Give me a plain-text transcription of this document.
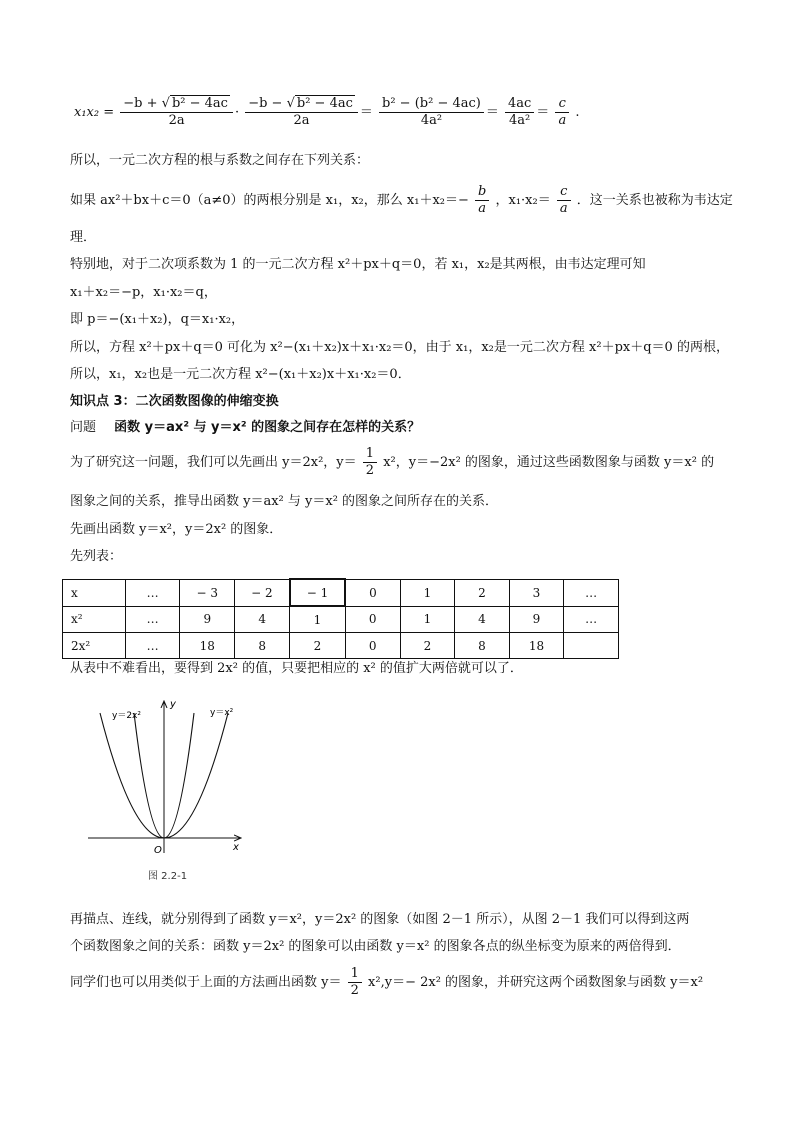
$x_1x_2 = \frac{\text{−b + √ b² − 4ac}}{2a} \cdot \frac{\text{−b − √ b² − 4ac}}{2a} = \frac{\text{b² − (b² − 4ac)}}{\text{4a²}} = \frac{4ac}{\text{4a²}} = \frac{c}{a}$ .
所以，一元二次方程的根与系数之间存在下列关系：
如果 ax²＋bx＋c＝0（a≠0）的两根分别是 x₁，x₂，那么 $x_1+x_2=- \frac{b}{a}$ ，$x_1\cdot x_2= \frac{c}{a}$ ．这一关系也被称为韦达定
理．
特别地，对于二次项系数为 1 的一元二次方程 x²＋px＋q＝0，若 x₁，x₂是其两根，由韦达定理可知
x₁＋x₂＝−p，x₁·x₂＝q，
即 p＝−(x₁＋x₂)，q＝x₁·x₂，
所以，方程 x²＋px＋q＝0 可化为 x²−(x₁＋x₂)x＋x₁·x₂＝0，由于 x₁，x₂是一元二次方程 x²＋px＋q＝0 的两根，
所以，x₁，x₂也是一元二次方程 x²−(x₁＋x₂)x＋x₁·x₂＝0．
知识点 3：二次函数图像的伸缩变换
问题 函数 y＝ax² 与 y＝x² 的图象之间存在怎样的关系？
为了研究这一问题，我们可以先画出 y＝2x²，$y= \frac{1}{2} x^2$，y＝−2x² 的图象，通过这些函数图象与函数 y＝x² 的
图象之间的关系，推导出函数 y＝ax² 与 y＝x² 的图象之间所存在的关系．
先画出函数 y＝x²，y＝2x² 的图象．
先列表：
x	…	− 3	− 2	− 1	0	1	2	3	…
x²	…	9	4	1	0	1	4	9	…
2x²	…	18	8	2	0	2	8	18	
从表中不难看出，要得到 2x² 的值，只要把相应的 x² 的值扩大两倍就可以了．
y＝2x²	y＝x²
y
x
O
图 2.2-1
再描点、连线，就分别得到了函数 y＝x²，y＝2x² 的图象（如图 2－1 所示），从图 2－1 我们可以得到这两
个函数图象之间的关系：函数 y＝2x² 的图象可以由函数 y＝x² 的图象各点的纵坐标变为原来的两倍得到．
同学们也可以用类似于上面的方法画出函数 $y= \frac{1}{2} x^2,y=- 2x^2$ 的图象，并研究这两个函数图象与函数 y＝x²
